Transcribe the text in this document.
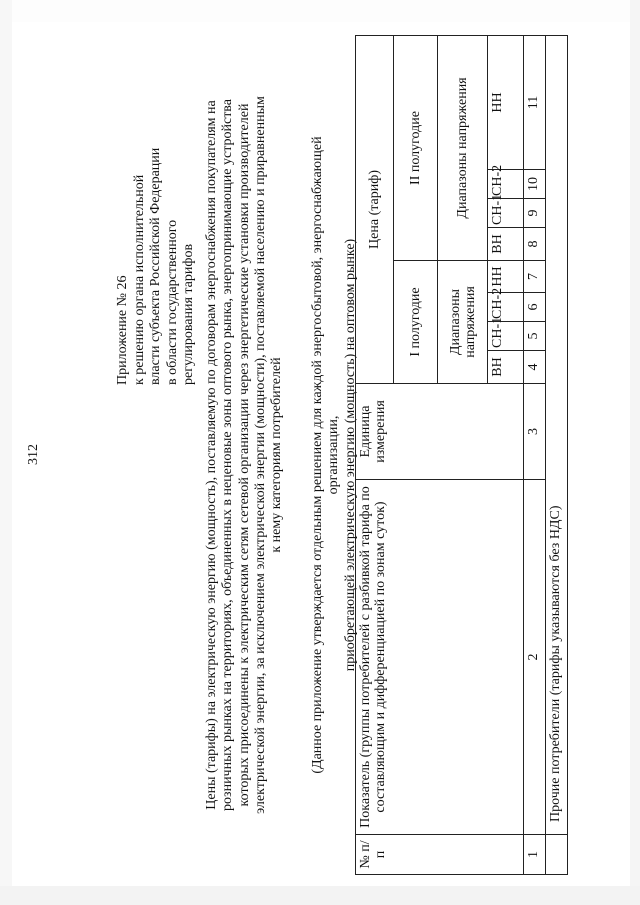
312
Приложение № 26 к решению органа исполнительной власти субъекта Российской Федерации в области государственного регулирования тарифов Цены (тарифы) на электрическую энергию (мощность), поставляемую по договорам энергоснабжения покупателям на розничных рынках на территориях, объединенных в неценовые зоны оптового рынка, энергопринимающие устройства которых присоединены к электрическим сетям сетевой организации через энергетические установки производителей электрической энергии, за исключением электрической энергии (мощности), поставляемой населению и приравненным к нему категориям потребителей (Данное приложение утверждается отдельным решением для каждой энергосбытовой, энергоснабжающей организации, приобретающей электрическую энергию (мощность) на оптовом рынке)
№ п/п	Показатель (группы потребителей с разбивкой тарифа по составляющим и дифференциацией по зонам суток)	Единица измерения	Цена (тариф)							
			I полугодие				II полугодие			
			Диапазоны напряжения				Диапазоны напряжения			
			ВН	СН-1	СН-2	НН	ВН	СН-1	СН-2	НН
1	2	3	4	5	6	7	8	9	10	11
	Прочие потребители (тарифы указываются без НДС)									
